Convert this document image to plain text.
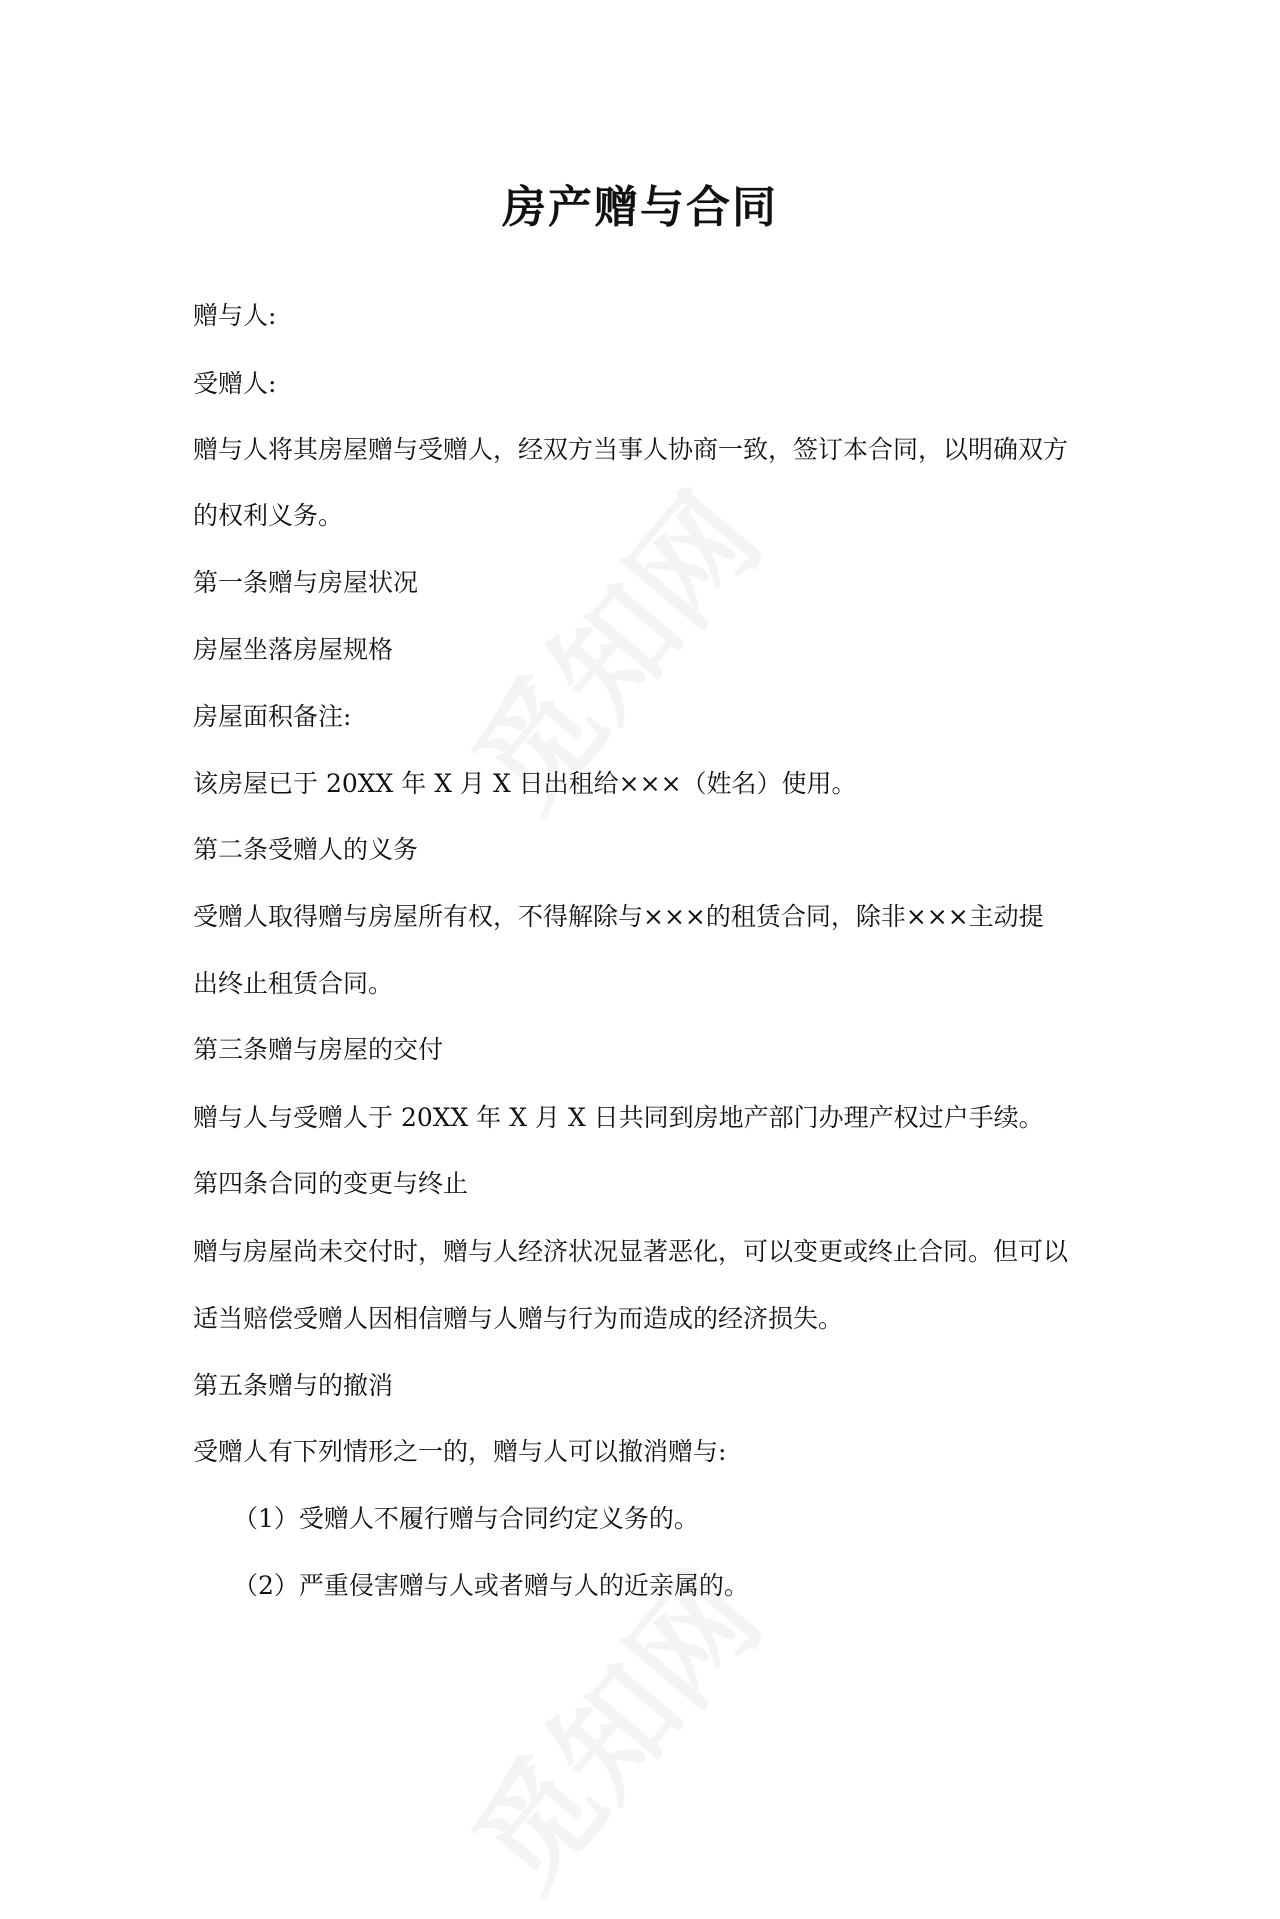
房产赠与合同
赠与人:
受赠人:
赠与人将其房屋赠与受赠人，经双方当事人协商一致，签订本合同，以明确双方
的权利义务。
第一条赠与房屋状况
房屋坐落房屋规格
房屋面积备注:
该房屋已于 20XX 年 X 月 X 日出租给×××（姓名）使用。
第二条受赠人的义务
受赠人取得赠与房屋所有权，不得解除与×××的租赁合同，除非×××主动提
出终止租赁合同。
第三条赠与房屋的交付
赠与人与受赠人于 20XX 年 X 月 X 日共同到房地产部门办理产权过户手续。
第四条合同的变更与终止
赠与房屋尚未交付时，赠与人经济状况显著恶化，可以变更或终止合同。但可以
适当赔偿受赠人因相信赠与人赠与行为而造成的经济损失。
第五条赠与的撤消
受赠人有下列情形之一的，赠与人可以撤消赠与:
（1）受赠人不履行赠与合同约定义务的。
（2）严重侵害赠与人或者赠与人的近亲属的。
